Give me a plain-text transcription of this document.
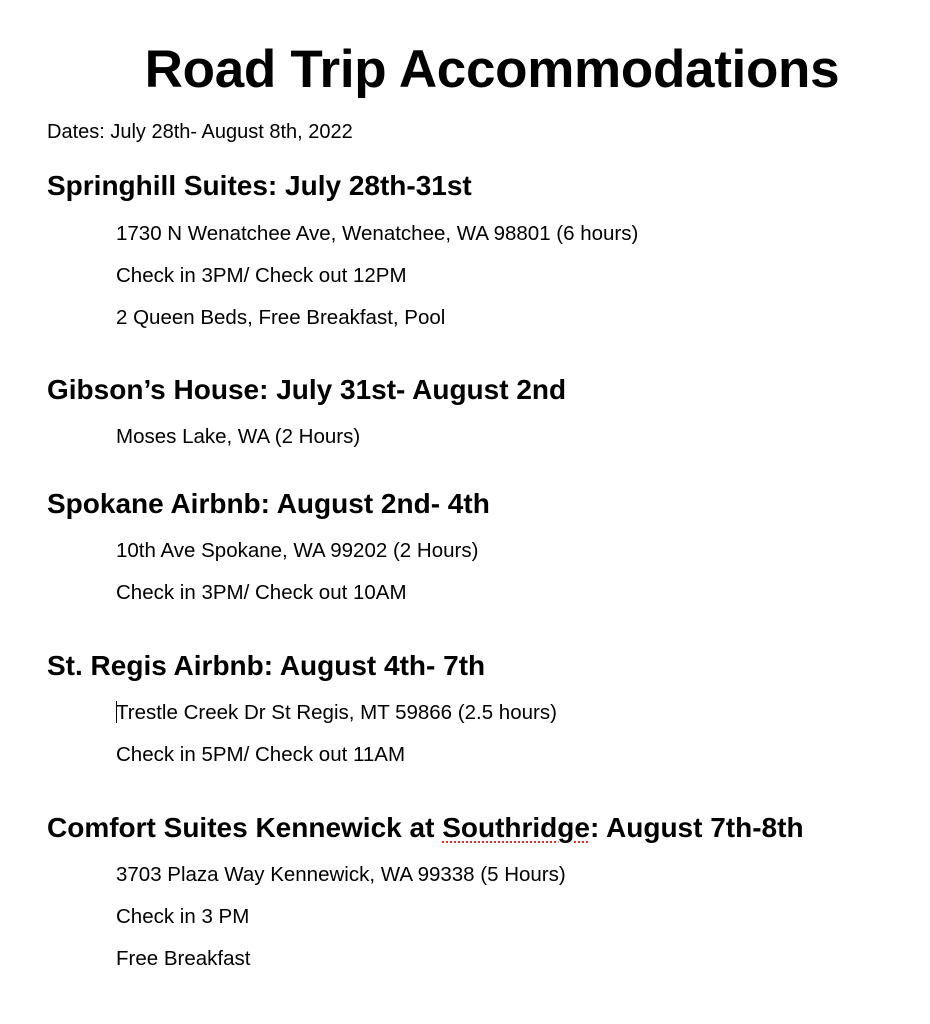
Road Trip Accommodations

Dates: July 28th- August 8th, 2022

Springhill Suites: July 28th-31st

1730 N Wenatchee Ave, Wenatchee, WA 98801 (6 hours)

Check in 3PM/ Check out 12PM

2 Queen Beds, Free Breakfast, Pool

Gibson’s House: July 31st- August 2nd

Moses Lake, WA (2 Hours)

Spokane Airbnb: August 2nd- 4th

10th Ave Spokane, WA 99202 (2 Hours)

Check in 3PM/ Check out 10AM

St. Regis Airbnb: August 4th- 7th

Trestle Creek Dr St Regis, MT 59866 (2.5 hours)

Check in 5PM/ Check out 11AM

Comfort Suites Kennewick at Southridge: August 7th-8th

3703 Plaza Way Kennewick, WA 99338 (5 Hours)

Check in 3 PM

Free Breakfast
